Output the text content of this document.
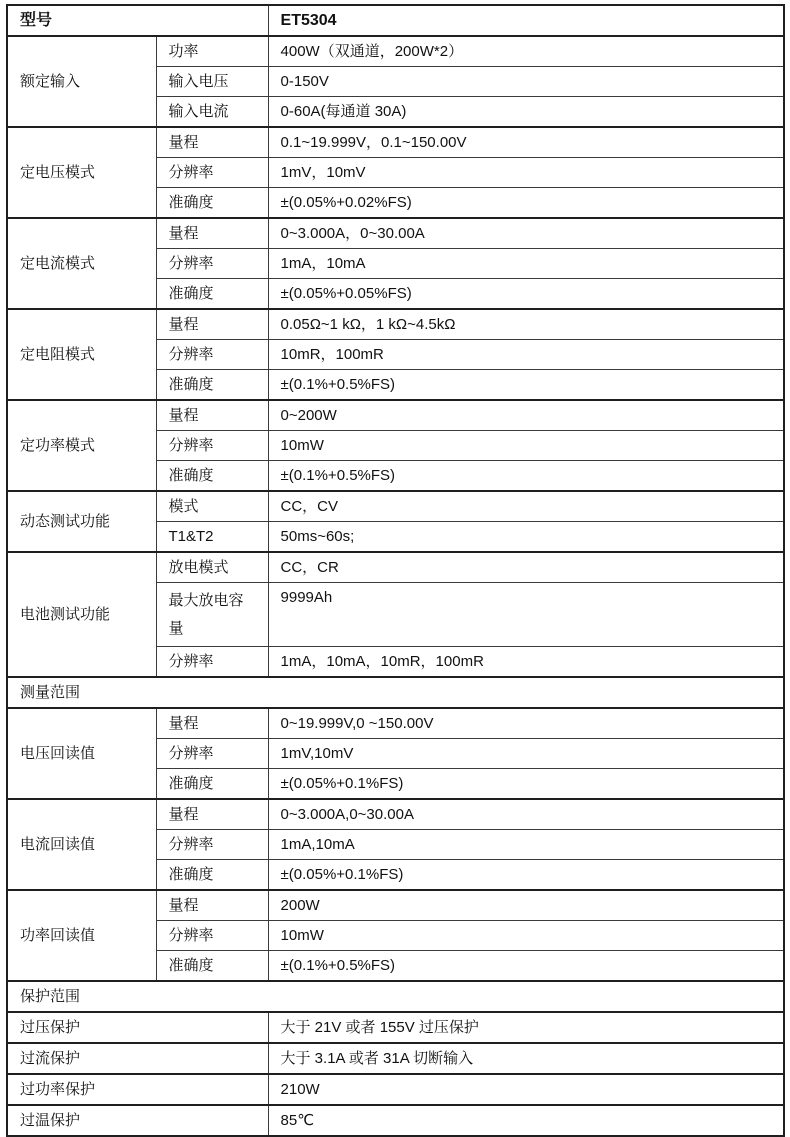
型号		ET5304
额定输入	功率	400W（双通道，200W*2）
	输入电压	0-150V
	输入电流	0-60A(每通道 30A)
定电压模式	量程	0.1~19.999V，0.1~150.00V
	分辨率	1mV，10mV
	准确度	±(0.05%+0.02%FS)
定电流模式	量程	0~3.000A，0~30.00A
	分辨率	1mA，10mA
	准确度	±(0.05%+0.05%FS)
定电阻模式	量程	0.05Ω~1 kΩ，1 kΩ~4.5kΩ
	分辨率	10mR，100mR
	准确度	±(0.1%+0.5%FS)
定功率模式	量程	0~200W
	分辨率	10mW
	准确度	±(0.1%+0.5%FS)
动态测试功能	模式	CC，CV
	T1&T2	50ms~60s;
电池测试功能	放电模式	CC，CR
	最大放电容量	9999Ah
	分辨率	1mA，10mA，10mR，100mR
测量范围		
电压回读值	量程	0~19.999V,0 ~150.00V
	分辨率	1mV,10mV
	准确度	±(0.05%+0.1%FS)
电流回读值	量程	0~3.000A,0~30.00A
	分辨率	1mA,10mA
	准确度	±(0.05%+0.1%FS)
功率回读值	量程	200W
	分辨率	10mW
	准确度	±(0.1%+0.5%FS)
保护范围		
过压保护		大于 21V 或者 155V 过压保护
过流保护		大于 3.1A 或者 31A 切断输入
过功率保护		210W
过温保护		85℃
